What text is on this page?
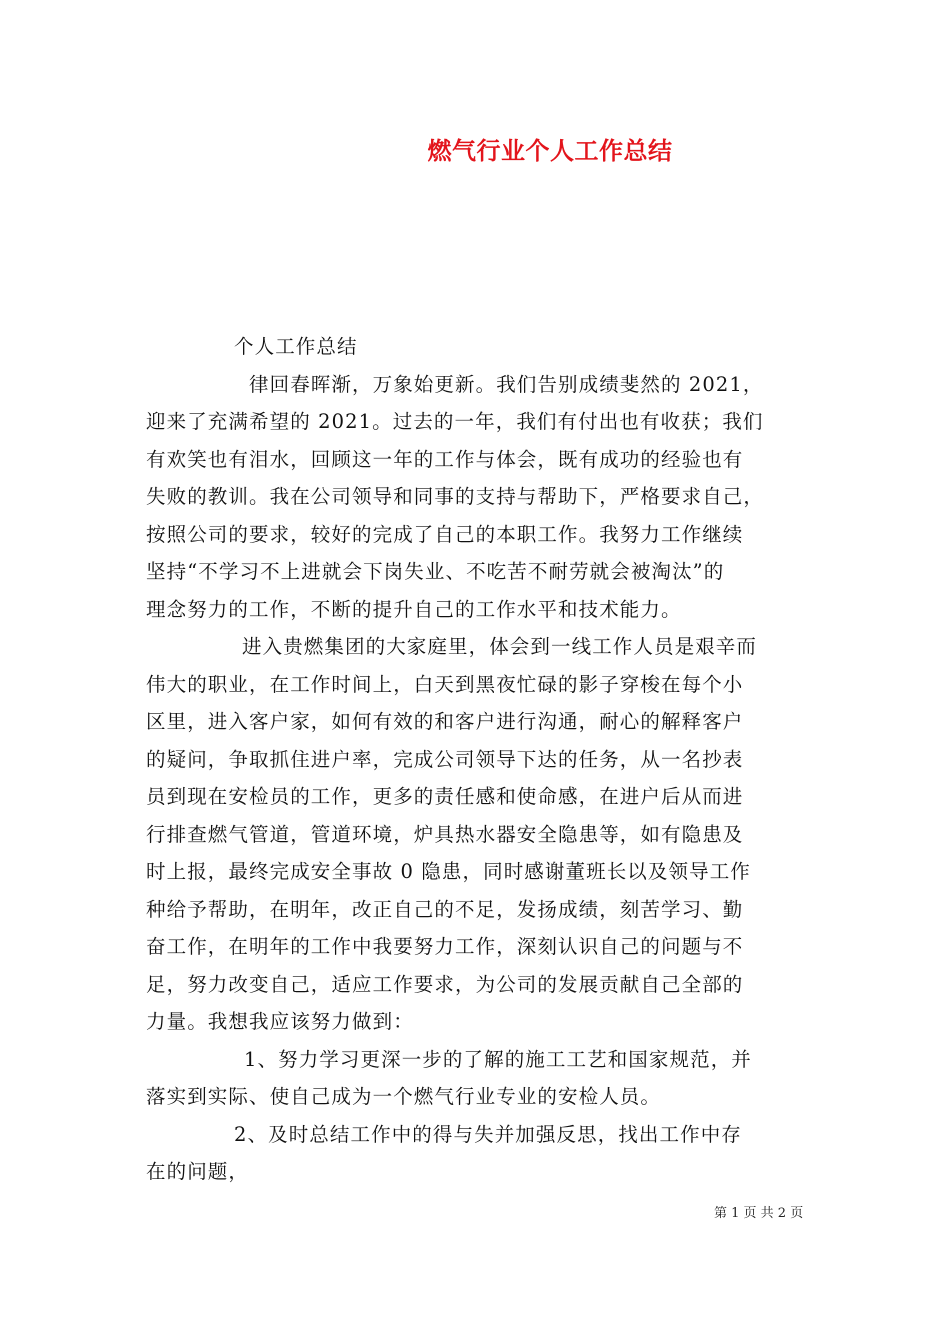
燃气行业个人工作总结
个人工作总结
律回春晖渐，万象始更新。我们告别成绩斐然的 2021，
迎来了充满希望的 2021。过去的一年，我们有付出也有收获；我们
有欢笑也有泪水，回顾这一年的工作与体会，既有成功的经验也有
失败的教训。我在公司领导和同事的支持与帮助下，严格要求自己，
按照公司的要求，较好的完成了自己的本职工作。我努力工作继续
坚持“不学习不上进就会下岗失业、不吃苦不耐劳就会被淘汰”的
理念努力的工作，不断的提升自己的工作水平和技术能力。
进入贵燃集团的大家庭里，体会到一线工作人员是艰辛而
伟大的职业，在工作时间上，白天到黑夜忙碌的影子穿梭在每个小
区里，进入客户家，如何有效的和客户进行沟通，耐心的解释客户
的疑问，争取抓住进户率，完成公司领导下达的任务，从一名抄表
员到现在安检员的工作，更多的责任感和使命感，在进户后从而进
行排查燃气管道，管道环境，炉具热水器安全隐患等，如有隐患及
时上报，最终完成安全事故 0 隐患，同时感谢董班长以及领导工作
种给予帮助，在明年，改正自己的不足，发扬成绩，刻苦学习、勤
奋工作，在明年的工作中我要努力工作，深刻认识自己的问题与不
足，努力改变自己，适应工作要求，为公司的发展贡献自己全部的
力量。我想我应该努力做到：
1、努力学习更深一步的了解的施工工艺和国家规范，并
落实到实际、使自己成为一个燃气行业专业的安检人员。
2、及时总结工作中的得与失并加强反思，找出工作中存
在的问题，
第 1 页 共 2 页
